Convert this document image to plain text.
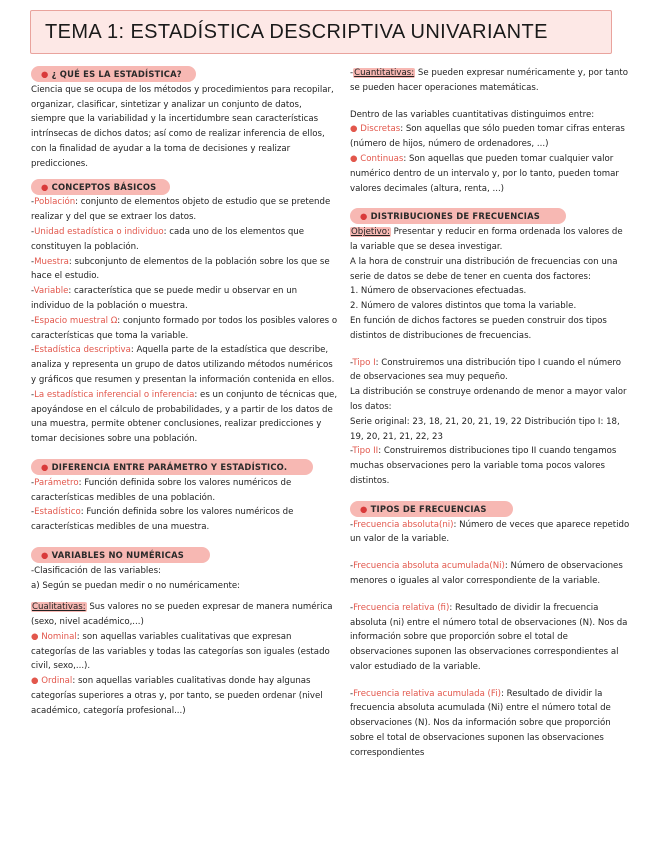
TEMA 1: ESTADÍSTICA DESCRIPTIVA UNIVARIANTE
● ¿ QUÉ ES LA ESTADÍSTICA?

Ciencia que se ocupa de los métodos y procedimientos para recopilar, organizar, clasificar, sintetizar y analizar un conjunto de datos, siempre que la variabilidad y la incertidumbre sean características intrínsecas de dichos datos; así como de realizar inferencia de ellos, con la finalidad de ayudar a la toma de decisiones y realizar predicciones.

● CONCEPTOS BÁSICOS

-Población: conjunto de elementos objeto de estudio que se pretende realizar y del que se extraer los datos.

-Unidad estadística o individuo: cada uno de los elementos que constituyen la población.

-Muestra: subconjunto de elementos de la población sobre los que se hace el estudio.

-Variable: característica que se puede medir u observar en un individuo de la población o muestra.

-Espacio muestral Ω: conjunto formado por todos los posibles valores o características que toma la variable.

-Estadística descriptiva: Aquella parte de la estadística que describe, analiza y representa un grupo de datos utilizando métodos numéricos y gráficos que resumen y presentan la información contenida en ellos.

-La estadística inferencial o inferencia: es un conjunto de técnicas que, apoyándose en el cálculo de probabilidades, y a partir de los datos de una muestra, permite obtener conclusiones, realizar predicciones y tomar decisiones sobre una población.

● DIFERENCIA ENTRE PARÁMETRO Y ESTADÍSTICO.

-Parámetro: Función definida sobre los valores numéricos de características medibles de una población.

-Estadístico: Función definida sobre los valores numéricos de características medibles de una muestra.

● VARIABLES NO NUMÉRICAS

-Clasificación de las variables:

a) Según se puedan medir o no numéricamente:

Cualitativas: Sus valores no se pueden expresar de manera numérica (sexo, nivel académico,...)

● Nominal: son aquellas variables cualitativas que expresan categorías de las variables y todas las categorías son iguales (estado civil, sexo,...).

● Ordinal: son aquellas variables cualitativas donde hay algunas categorías superiores a otras y, por tanto, se pueden ordenar (nivel académico, categoría profesional...)

-Cuantitativas: Se pueden expresar numéricamente y, por tanto se pueden hacer operaciones matemáticas.

Dentro de las variables cuantitativas distinguimos entre:

● Discretas: Son aquellas que sólo pueden tomar cifras enteras (número de hijos, número de ordenadores, ...)

● Continuas: Son aquellas que pueden tomar cualquier valor numérico dentro de un intervalo y, por lo tanto, pueden tomar valores decimales (altura, renta, ...)

● DISTRIBUCIONES DE FRECUENCIAS

Objetivo: Presentar y reducir en forma ordenada los valores de la variable que se desea investigar.

A la hora de construir una distribución de frecuencias con una serie de datos se debe de tener en cuenta dos factores:

1. Número de observaciones efectuadas.

2. Número de valores distintos que toma la variable.

En función de dichos factores se pueden construir dos tipos distintos de distribuciones de frecuencias.

-Tipo I: Construiremos una distribución tipo I cuando el número de observaciones sea muy pequeño.

La distribución se construye ordenando de menor a mayor valor los datos:

Serie original: 23, 18, 21, 20, 21, 19, 22 Distribución tipo I: 18, 19, 20, 21, 21, 22, 23

-Tipo II: Construiremos distribuciones tipo II cuando tengamos muchas observaciones pero la variable toma pocos valores distintos.

● TIPOS DE FRECUENCIAS

-Frecuencia absoluta(ni): Número de veces que aparece repetido un valor de la variable.

-Frecuencia absoluta acumulada(Ni): Número de observaciones menores o iguales al valor correspondiente de la variable.

-Frecuencia relativa (fi): Resultado de dividir la frecuencia absoluta (ni) entre el número total de observaciones (N). Nos da información sobre que proporción sobre el total de observaciones suponen las observaciones correspondientes al valor estudiado de la variable.

-Frecuencia relativa acumulada (Fi): Resultado de dividir la frecuencia absoluta acumulada (Ni) entre el número total de observaciones (N). Nos da información sobre que proporción sobre el total de observaciones suponen las observaciones correspondientes
